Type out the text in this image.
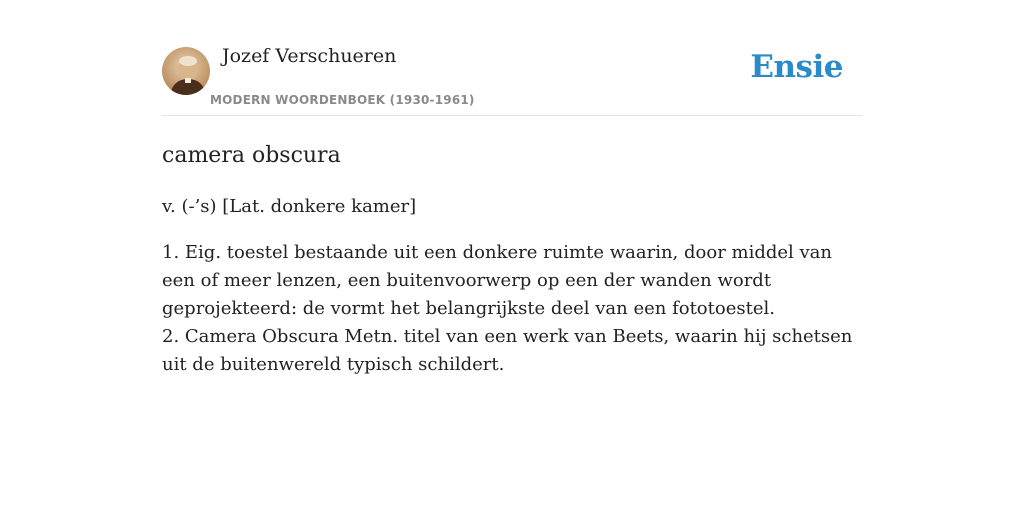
Jozef Verschueren
MODERN WOORDENBOEK (1930-1961)
Ensie
camera obscura
v. (-’s) [Lat. donkere kamer]

1. Eig. toestel bestaande uit een donkere ruimte waarin, door middel van een of meer lenzen, een buitenvoorwerp op een der wanden wordt geprojekteerd: de vormt het belangrijkste deel van een fototoestel.

2. Camera Obscura Metn. titel van een werk van Beets, waarin hij schetsen uit de buitenwereld typisch schildert.
